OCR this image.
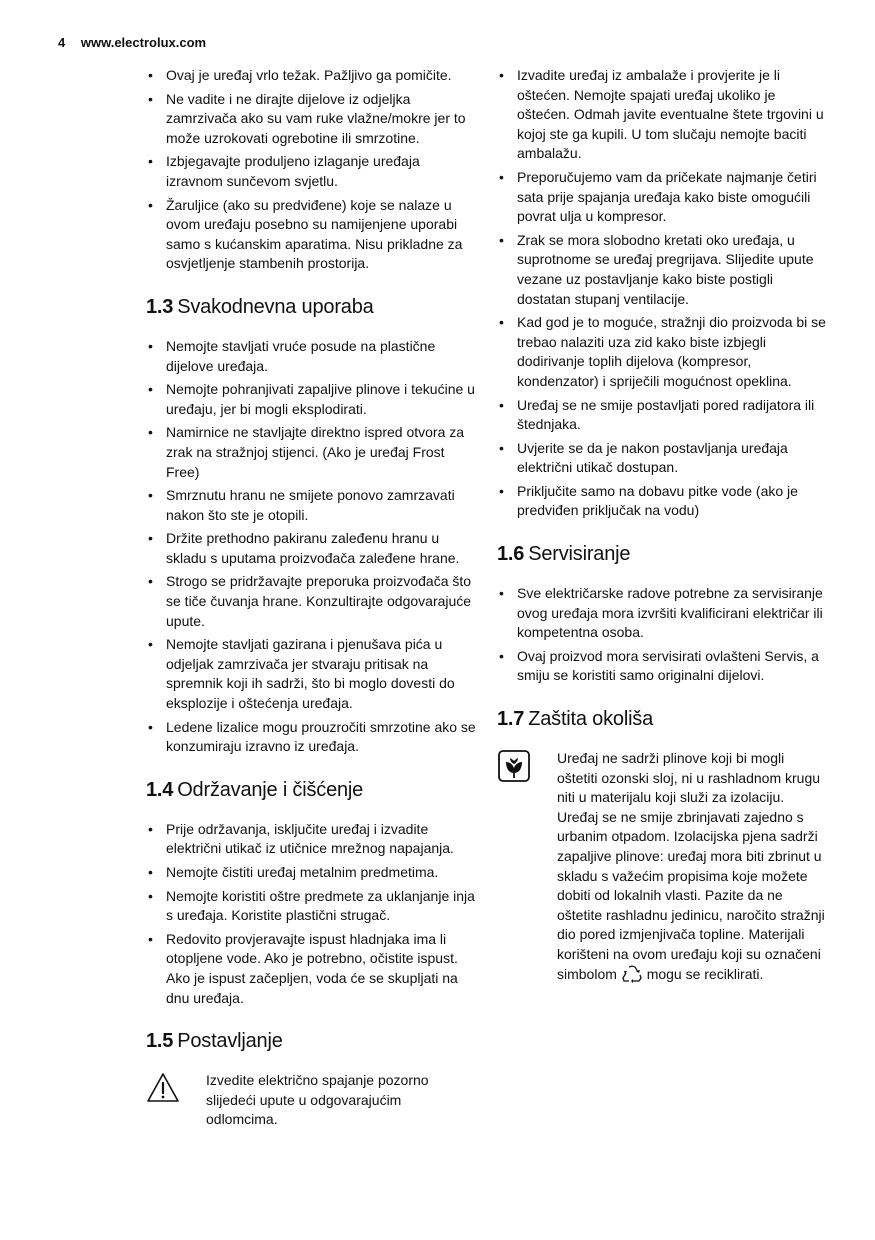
4 www.electrolux.com
• Ovaj je uređaj vrlo težak. Pažljivo ga pomičite.
• Ne vadite i ne dirajte dijelove iz odjeljka zamrzivača ako su vam ruke vlažne/mokre jer to može uzrokovati ogrebotine ili smrzotine.
• Izbjegavajte produljeno izlaganje uređaja izravnom sunčevom svjetlu.
• Žaruljice (ako su predviđene) koje se nalaze u ovom uređaju posebno su namijenjene uporabi samo s kućanskim aparatima. Nisu prikladne za osvjetljenje stambenih prostorija.
1.3 Svakodnevna uporaba
• Nemojte stavljati vruće posude na plastične dijelove uređaja.
• Nemojte pohranjivati zapaljive plinove i tekućine u uređaju, jer bi mogli eksplodirati.
• Namirnice ne stavljajte direktno ispred otvora za zrak na stražnjoj stijenci. (Ako je uređaj Frost Free)
• Smrznutu hranu ne smijete ponovo zamrzavati nakon što ste je otopili.
• Držite prethodno pakiranu zaleđenu hranu u skladu s uputama proizvođača zaleđene hrane.
• Strogo se pridržavajte preporuka proizvođača što se tiče čuvanja hrane. Konzultirajte odgovarajuće upute.
• Nemojte stavljati gazirana i pjenušava pića u odjeljak zamrzivača jer stvaraju pritisak na spremnik koji ih sadrži, što bi moglo dovesti do eksplozije i oštećenja uređaja.
• Ledene lizalice mogu prouzročiti smrzotine ako se konzumiraju izravno iz uređaja.
1.4 Održavanje i čišćenje
• Prije održavanja, isključite uređaj i izvadite električni utikač iz utičnice mrežnog napajanja.
• Nemojte čistiti uređaj metalnim predmetima.
• Nemojte koristiti oštre predmete za uklanjanje inja s uređaja. Koristite plastični strugač.
• Redovito provjeravajte ispust hladnjaka ima li otopljene vode. Ako je potrebno, očistite ispust. Ako je ispust začepljen, voda će se skupljati na dnu uređaja.
1.5 Postavljanje
Izvedite električno spajanje pozorno slijedeći upute u odgovarajućim odlomcima.
• Izvadite uređaj iz ambalaže i provjerite je li oštećen. Nemojte spajati uređaj ukoliko je oštećen. Odmah javite eventualne štete trgovini u kojoj ste ga kupili. U tom slučaju nemojte baciti ambalažu.
• Preporučujemo vam da pričekate najmanje četiri sata prije spajanja uređaja kako biste omogućili povrat ulja u kompresor.
• Zrak se mora slobodno kretati oko uređaja, u suprotnome se uređaj pregrijava. Slijedite upute vezane uz postavljanje kako biste postigli dostatan stupanj ventilacije.
• Kad god je to moguće, stražnji dio proizvoda bi se trebao nalaziti uza zid kako biste izbjegli dodirivanje toplih dijelova (kompresor, kondenzator) i spriječili mogućnost opeklina.
• Uređaj se ne smije postavljati pored radijatora ili štednjaka.
• Uvjerite se da je nakon postavljanja uređaja električni utikač dostupan.
• Priključite samo na dobavu pitke vode (ako je predviđen priključak na vodu)
1.6 Servisiranje
• Sve električarske radove potrebne za servisiranje ovog uređaja mora izvršiti kvalificirani električar ili kompetentna osoba.
• Ovaj proizvod mora servisirati ovlašteni Servis, a smiju se koristiti samo originalni dijelovi.
1.7 Zaštita okoliša
Uređaj ne sadrži plinove koji bi mogli oštetiti ozonski sloj, ni u rashladnom krugu niti u materijalu koji služi za izolaciju. Uređaj se ne smije zbrinjavati zajedno s urbanim otpadom. Izolacijska pjena sadrži zapaljive plinove: uređaj mora biti zbrinut u skladu s važećim propisima koje možete dobiti od lokalnih vlasti. Pazite da ne oštetite rashladnu jedinicu, naročito stražnji dio pored izmjenjivača topline. Materijali korišteni na ovom uređaju koji su označeni simbolom mogu se reciklirati.
